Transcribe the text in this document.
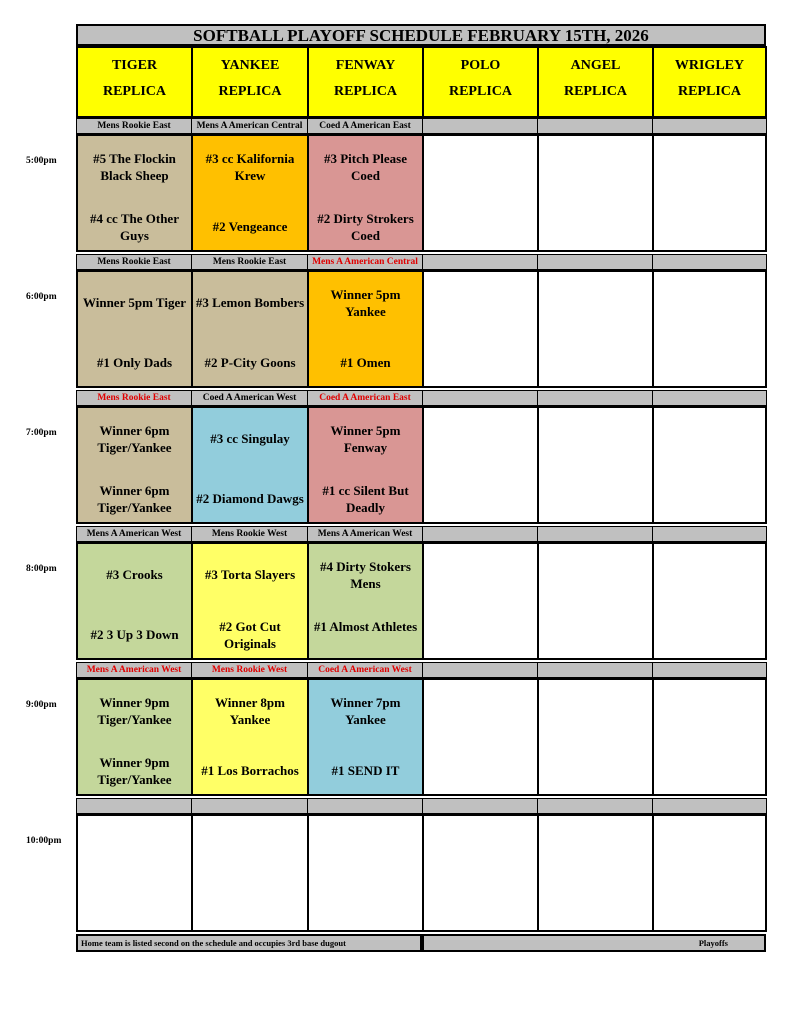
SOFTBALL PLAYOFF SCHEDULE FEBRUARY 15TH, 2026
TIGER
REPLICA
YANKEE
REPLICA
FENWAY
REPLICA
POLO
REPLICA
ANGEL
REPLICA
WRIGLEY
REPLICA
5:00pm
Mens Rookie East
#5 The Flockin Black Sheep
#4 cc The Other Guys
Mens A American Central
#3 cc Kalifornia Krew
#2 Vengeance
Coed A American East
#3 Pitch Please Coed
#2 Dirty Strokers Coed
6:00pm
Mens Rookie East
Winner 5pm Tiger
#1 Only Dads
Mens Rookie East
#3 Lemon Bombers
#2 P-City Goons
Mens A American Central
Winner 5pm Yankee
#1 Omen
7:00pm
Mens Rookie East
Winner 6pm Tiger/Yankee
Winner 6pm Tiger/Yankee
Coed A American West
#3 cc Singulay
#2 Diamond Dawgs
Coed A American East
Winner 5pm Fenway
#1 cc Silent But Deadly
8:00pm
Mens A American West
#3 Crooks
#2 3 Up 3 Down
Mens Rookie West
#3 Torta Slayers
#2 Got Cut Originals
Mens A American West
#4 Dirty Stokers Mens
#1 Almost Athletes
9:00pm
Mens A American West
Winner 9pm Tiger/Yankee
Winner 9pm Tiger/Yankee
Mens Rookie West
Winner 8pm Yankee
#1 Los Borrachos
Coed A American West
Winner 7pm Yankee
#1 SEND IT
10:00pm
Home team is listed second on the schedule and occupies 3rd base dugout	Playoffs
